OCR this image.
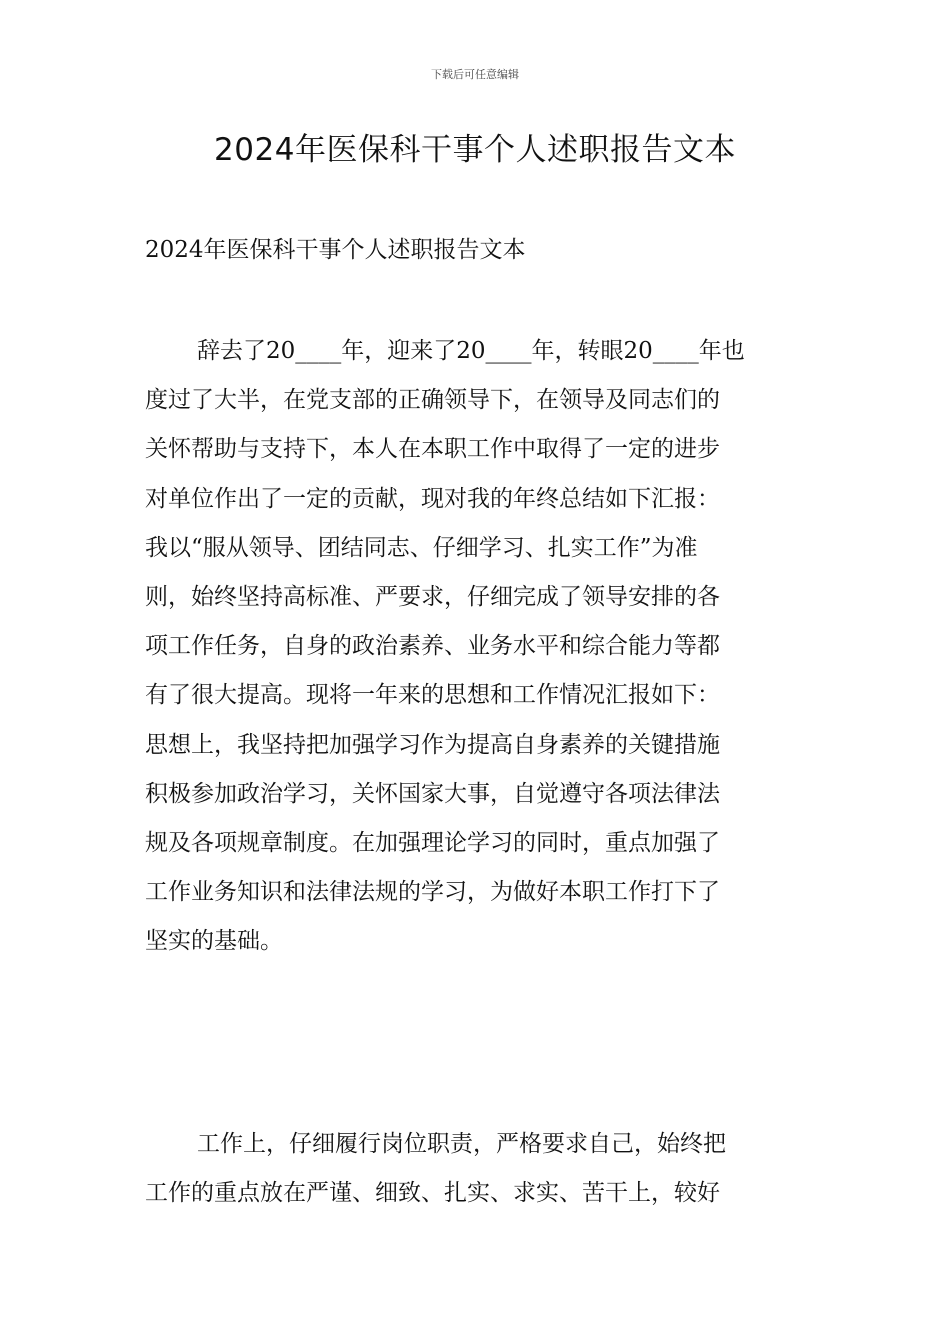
下载后可任意编辑
2024年医保科干事个人述职报告文本

2024年医保科干事个人述职报告文本

辞去了20____年，迎来了20____年，转眼20____年也
度过了大半，在党支部的正确领导下，在领导及同志们的
关怀帮助与支持下，本人在本职工作中取得了一定的进步
对单位作出了一定的贡献，现对我的年终总结如下汇报：
我以“服从领导、团结同志、仔细学习、扎实工作”为准
则，始终坚持高标准、严要求，仔细完成了领导安排的各
项工作任务，自身的政治素养、业务水平和综合能力等都
有了很大提高。现将一年来的思想和工作情况汇报如下：
思想上，我坚持把加强学习作为提高自身素养的关键措施
积极参加政治学习，关怀国家大事，自觉遵守各项法律法
规及各项规章制度。在加强理论学习的同时，重点加强了
工作业务知识和法律法规的学习，为做好本职工作打下了
坚实的基础。
工作上，仔细履行岗位职责，严格要求自己，始终把
工作的重点放在严谨、细致、扎实、求实、苦干上，较好
